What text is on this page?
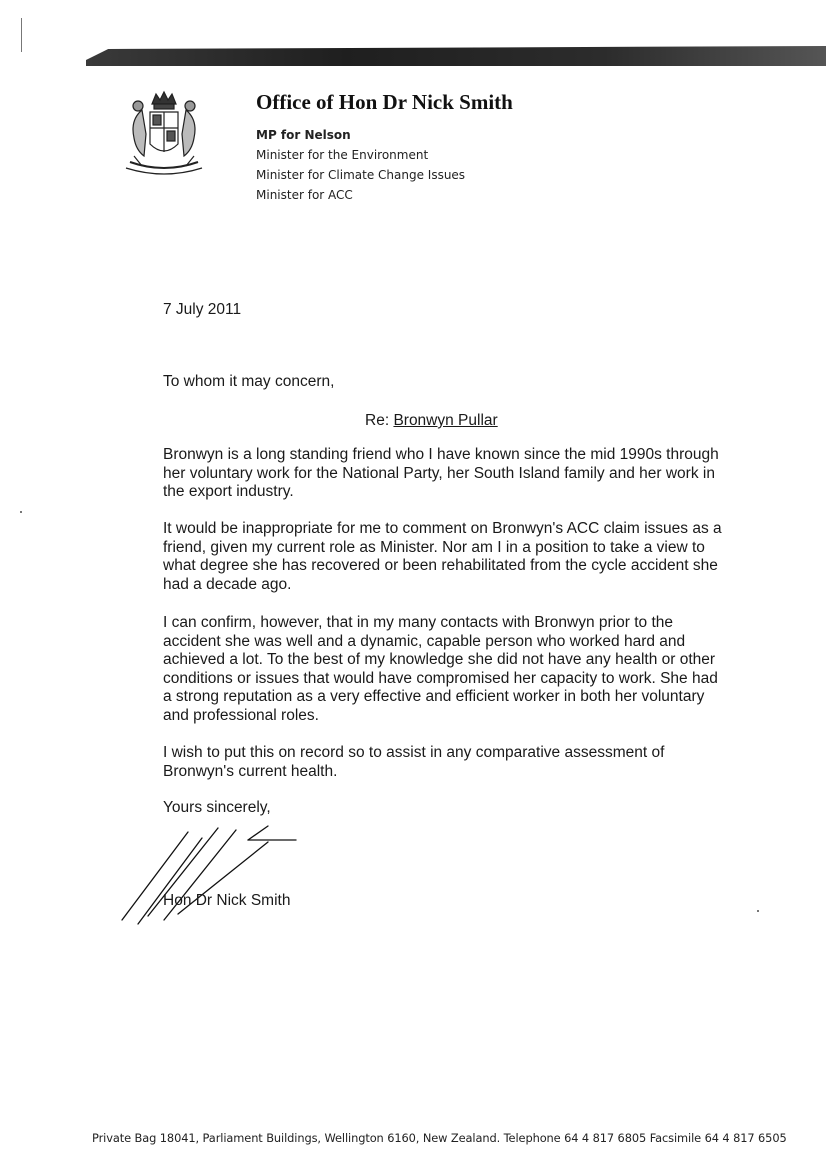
Office of Hon Dr Nick Smith
MP for Nelson
Minister for the Environment
Minister for Climate Change Issues
Minister for ACC
7 July 2011
To whom it may concern,
Re: Bronwyn Pullar

Bronwyn is a long standing friend who I have known since the mid 1990s through her voluntary work for the National Party, her South Island family and her work in the export industry.

It would be inappropriate for me to comment on Bronwyn's ACC claim issues as a friend, given my current role as Minister. Nor am I in a position to take a view to what degree she has recovered or been rehabilitated from the cycle accident she had a decade ago.

I can confirm, however, that in my many contacts with Bronwyn prior to the accident she was well and a dynamic, capable person who worked hard and achieved a lot. To the best of my knowledge she did not have any health or other conditions or issues that would have compromised her capacity to work. She had a strong reputation as a very effective and efficient worker in both her voluntary and professional roles.

I wish to put this on record so to assist in any comparative assessment of Bronwyn's current health.

Yours sincerely,
Hon Dr Nick Smith
Private Bag 18041, Parliament Buildings, Wellington 6160, New Zealand. Telephone 64 4 817 6805 Facsimile 64 4 817 6505
